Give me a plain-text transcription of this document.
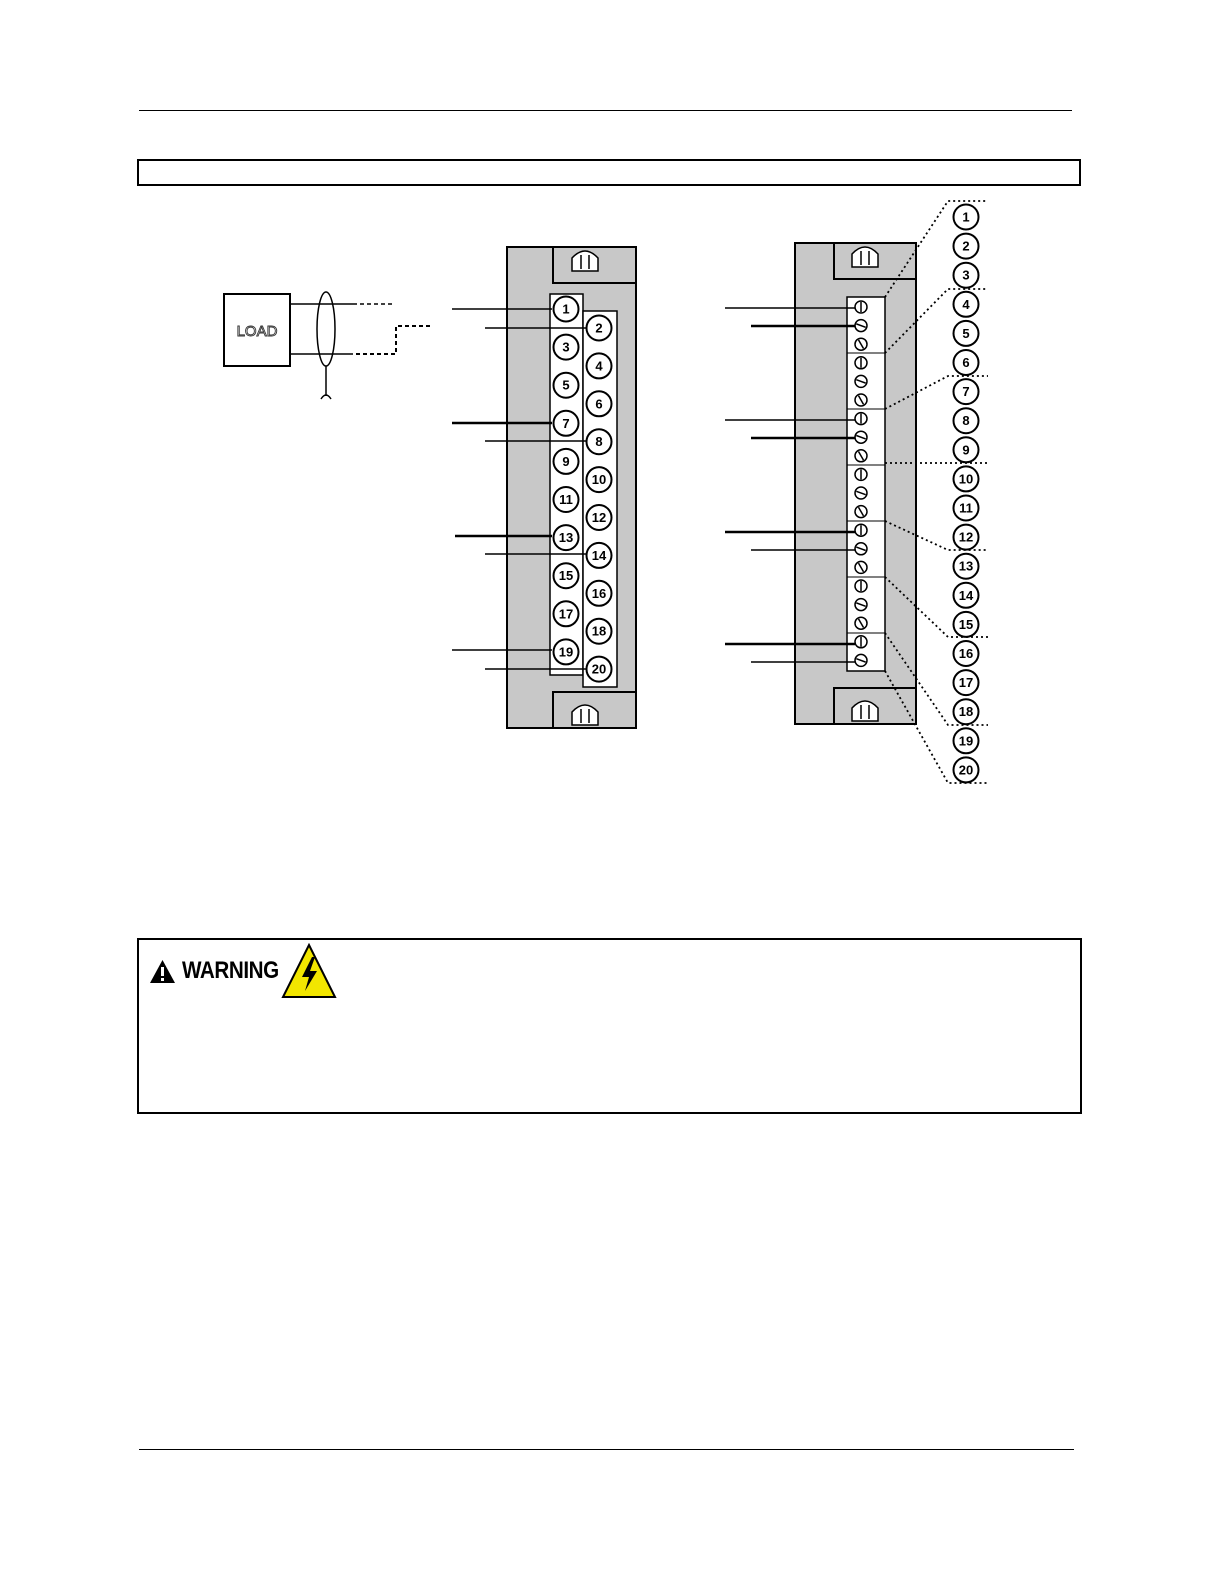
LOAD
1
2
3
4
5
6
7
8
9
10
11
12
13
14
15
16
17
18
19
20
1
2
3
4
5
6
7
8
9
10
11
12
13
14
15
16
17
18
19
20
WARNING
